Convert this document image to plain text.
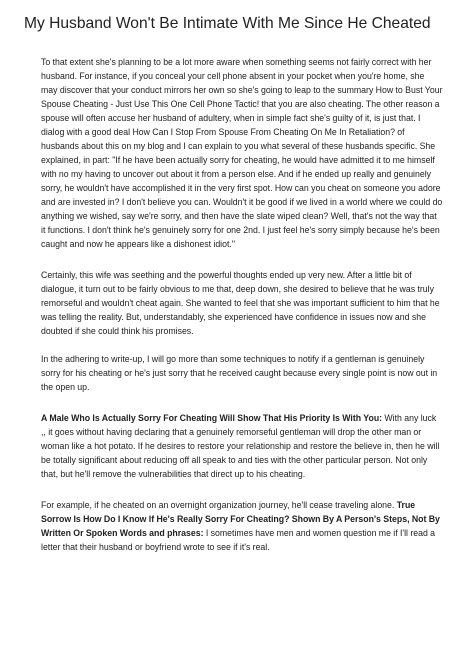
My Husband Won't Be Intimate With Me Since He Cheated

To that extent she's planning to be a lot more aware when something seems not fairly correct with her husband. For instance, if you conceal your cell phone absent in your pocket when you're home, she may discover that your conduct mirrors her own so she's going to leap to the summary How to Bust Your Spouse Cheating - Just Use This One Cell Phone Tactic! that you are also cheating. The other reason a spouse will often accuse her husband of adultery, when in simple fact she's guilty of it, is just that. I dialog with a good deal How Can I Stop From Spouse From Cheating On Me In Retaliation? of husbands about this on my blog and I can explain to you what several of these husbands specific. She explained, in part: "If he have been actually sorry for cheating, he would have admitted it to me himself with no my having to uncover out about it from a person else. And if he ended up really and genuinely sorry, he wouldn't have accomplished it in the very first spot. How can you cheat on someone you adore and are invested in? I don't believe you can. Wouldn't it be good if we lived in a world where we could do anything we wished, say we're sorry, and then have the slate wiped clean? Well, that's not the way that it functions. I don't think he's genuinely sorry for one 2nd. I just feel he's sorry simply because he's been caught and now he appears like a dishonest idiot."

Certainly, this wife was seething and the powerful thoughts ended up very new. After a little bit of dialogue, it turn out to be fairly obvious to me that, deep down, she desired to believe that he was truly remorseful and wouldn't cheat again. She wanted to feel that she was important sufficient to him that he was telling the reality. But, understandably, she experienced have confidence in issues now and she doubted if she could think his promises.

In the adhering to write-up, I will go more than some techniques to notify if a gentleman is genuinely sorry for his cheating or he's just sorry that he received caught because every single point is now out in the open up.

A Male Who Is Actually Sorry For Cheating Will Show That His Priority Is With You: With any luck ,, it goes without having declaring that a genuinely remorseful gentleman will drop the other man or woman like a hot potato. If he desires to restore your relationship and restore the believe in, then he will be totally significant about reducing off all speak to and ties with the other particular person. Not only that, but he'll remove the vulnerabilities that direct up to his cheating.

For example, if he cheated on an overnight organization journey, he'll cease traveling alone. True Sorrow Is How Do I Know If He's Really Sorry For Cheating? Shown By A Person's Steps, Not By Written Or Spoken Words and phrases: I sometimes have men and women question me if I'll read a letter that their husband or boyfriend wrote to see if it's real.
